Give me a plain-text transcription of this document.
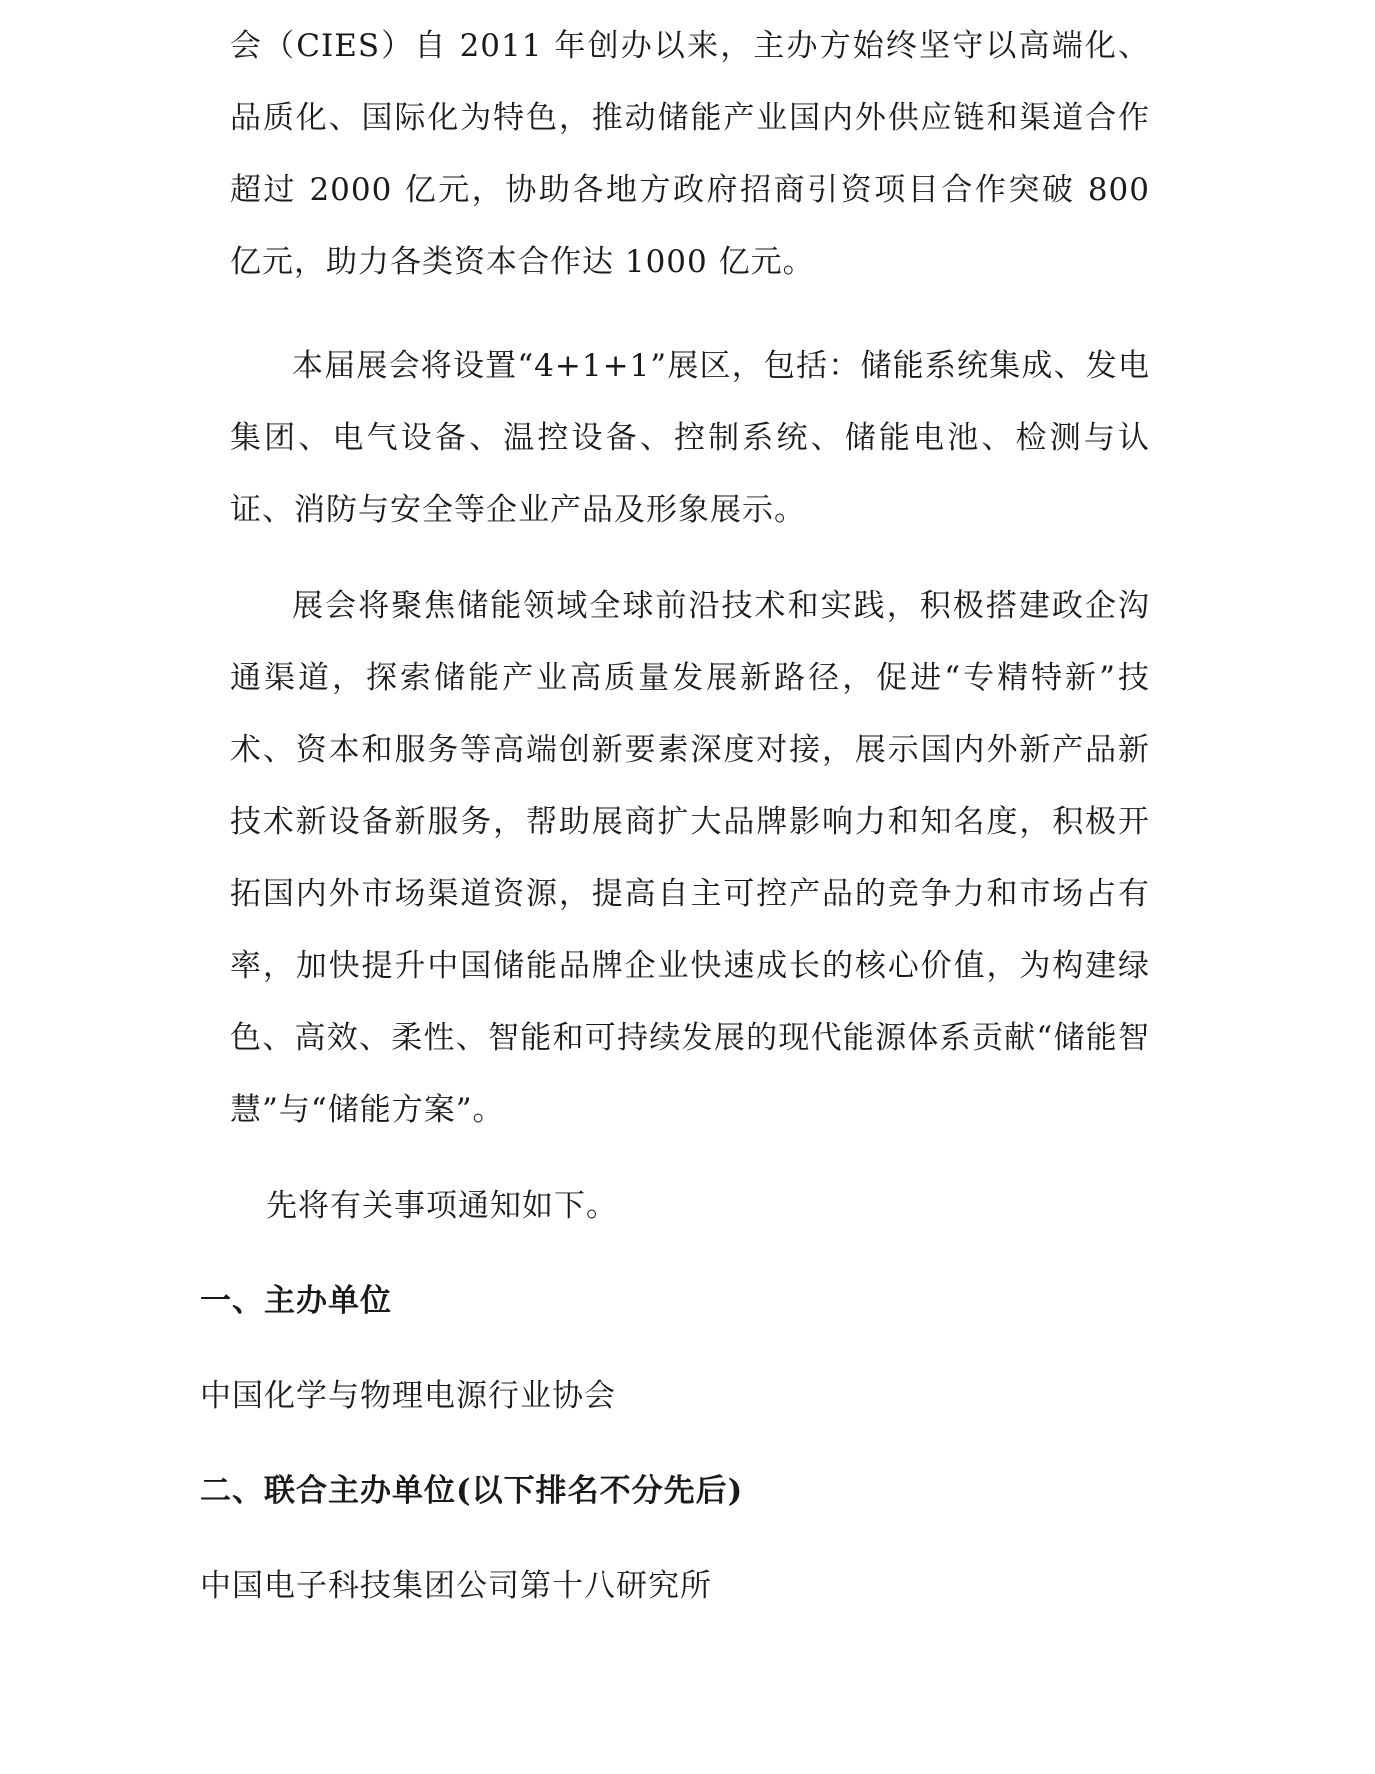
会（CIES）自 2011 年创办以来，主办方始终坚守以高端化、品质化、国际化为特色，推动储能产业国内外供应链和渠道合作超过 2000 亿元，协助各地方政府招商引资项目合作突破 800 亿元，助力各类资本合作达 1000 亿元。

本届展会将设置“4+1+1”展区，包括：储能系统集成、发电集团、电气设备、温控设备、控制系统、储能电池、检测与认证、消防与安全等企业产品及形象展示。

展会将聚焦储能领域全球前沿技术和实践，积极搭建政企沟通渠道，探索储能产业高质量发展新路径，促进“专精特新”技术、资本和服务等高端创新要素深度对接，展示国内外新产品新技术新设备新服务，帮助展商扩大品牌影响力和知名度，积极开拓国内外市场渠道资源，提高自主可控产品的竞争力和市场占有率，加快提升中国储能品牌企业快速成长的核心价值，为构建绿色、高效、柔性、智能和可持续发展的现代能源体系贡献“储能智慧”与“储能方案”。

先将有关事项通知如下。

一、主办单位

中国化学与物理电源行业协会

二、联合主办单位(以下排名不分先后)

中国电子科技集团公司第十八研究所
